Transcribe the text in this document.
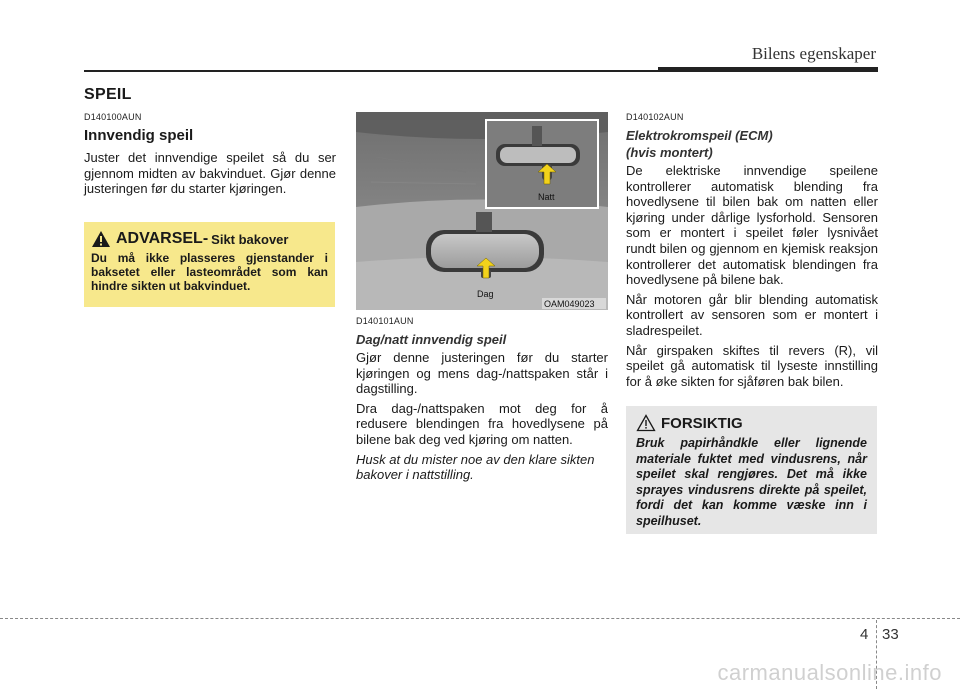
Bilens egenskaper
SPEIL
D140100AUN
Innvendig speil

Juster det innvendige speilet så du ser gjennom midten av bakvinduet. Gjør denne justeringen før du starter kjøringen.

ADVARSEL- Sikt bakover
Du må ikke plasseres gjenstander i baksetet eller lasteområdet som kan hindre sikten ut bakvinduet.
Natt
Dag
OAM049023
D140101AUN
Dag/natt innvendig speil

Gjør denne justeringen før du starter kjøringen og mens dag-/nattspaken står i dagstilling.

Dra dag-/nattspaken mot deg for å redusere blendingen fra hovedlysene på bilene bak deg ved kjøring om natten.

Husk at du mister noe av den klare sikten bakover i nattstilling.

D140102AUN
Elektrokromspeil (ECM)
(hvis montert)

De elektriske innvendige speilene kontrollerer automatisk blending fra hovedlysene til bilen bak om natten eller kjøring under dårlige lysforhold. Sensoren som er montert i speilet føler lysnivået rundt bilen og gjennom en kjemisk reaksjon kontrollerer det automatisk blendingen fra hovedlysene på bilene bak.

Når motoren går blir blending automatisk kontrollert av sensoren som er montert i sladrespeilet.

Når girspaken skiftes til revers (R), vil speilet gå automatisk til lyseste innstilling for å øke sikten for sjåføren bak bilen.

FORSIKTIG
Bruk papirhåndkle eller lignende materiale fuktet med vindusrens, når speilet skal rengjøres. Det må ikke sprayes vindusrens direkte på speilet, fordi det kan komme væske inn i speilhuset.
4 33
carmanualsonline.info
